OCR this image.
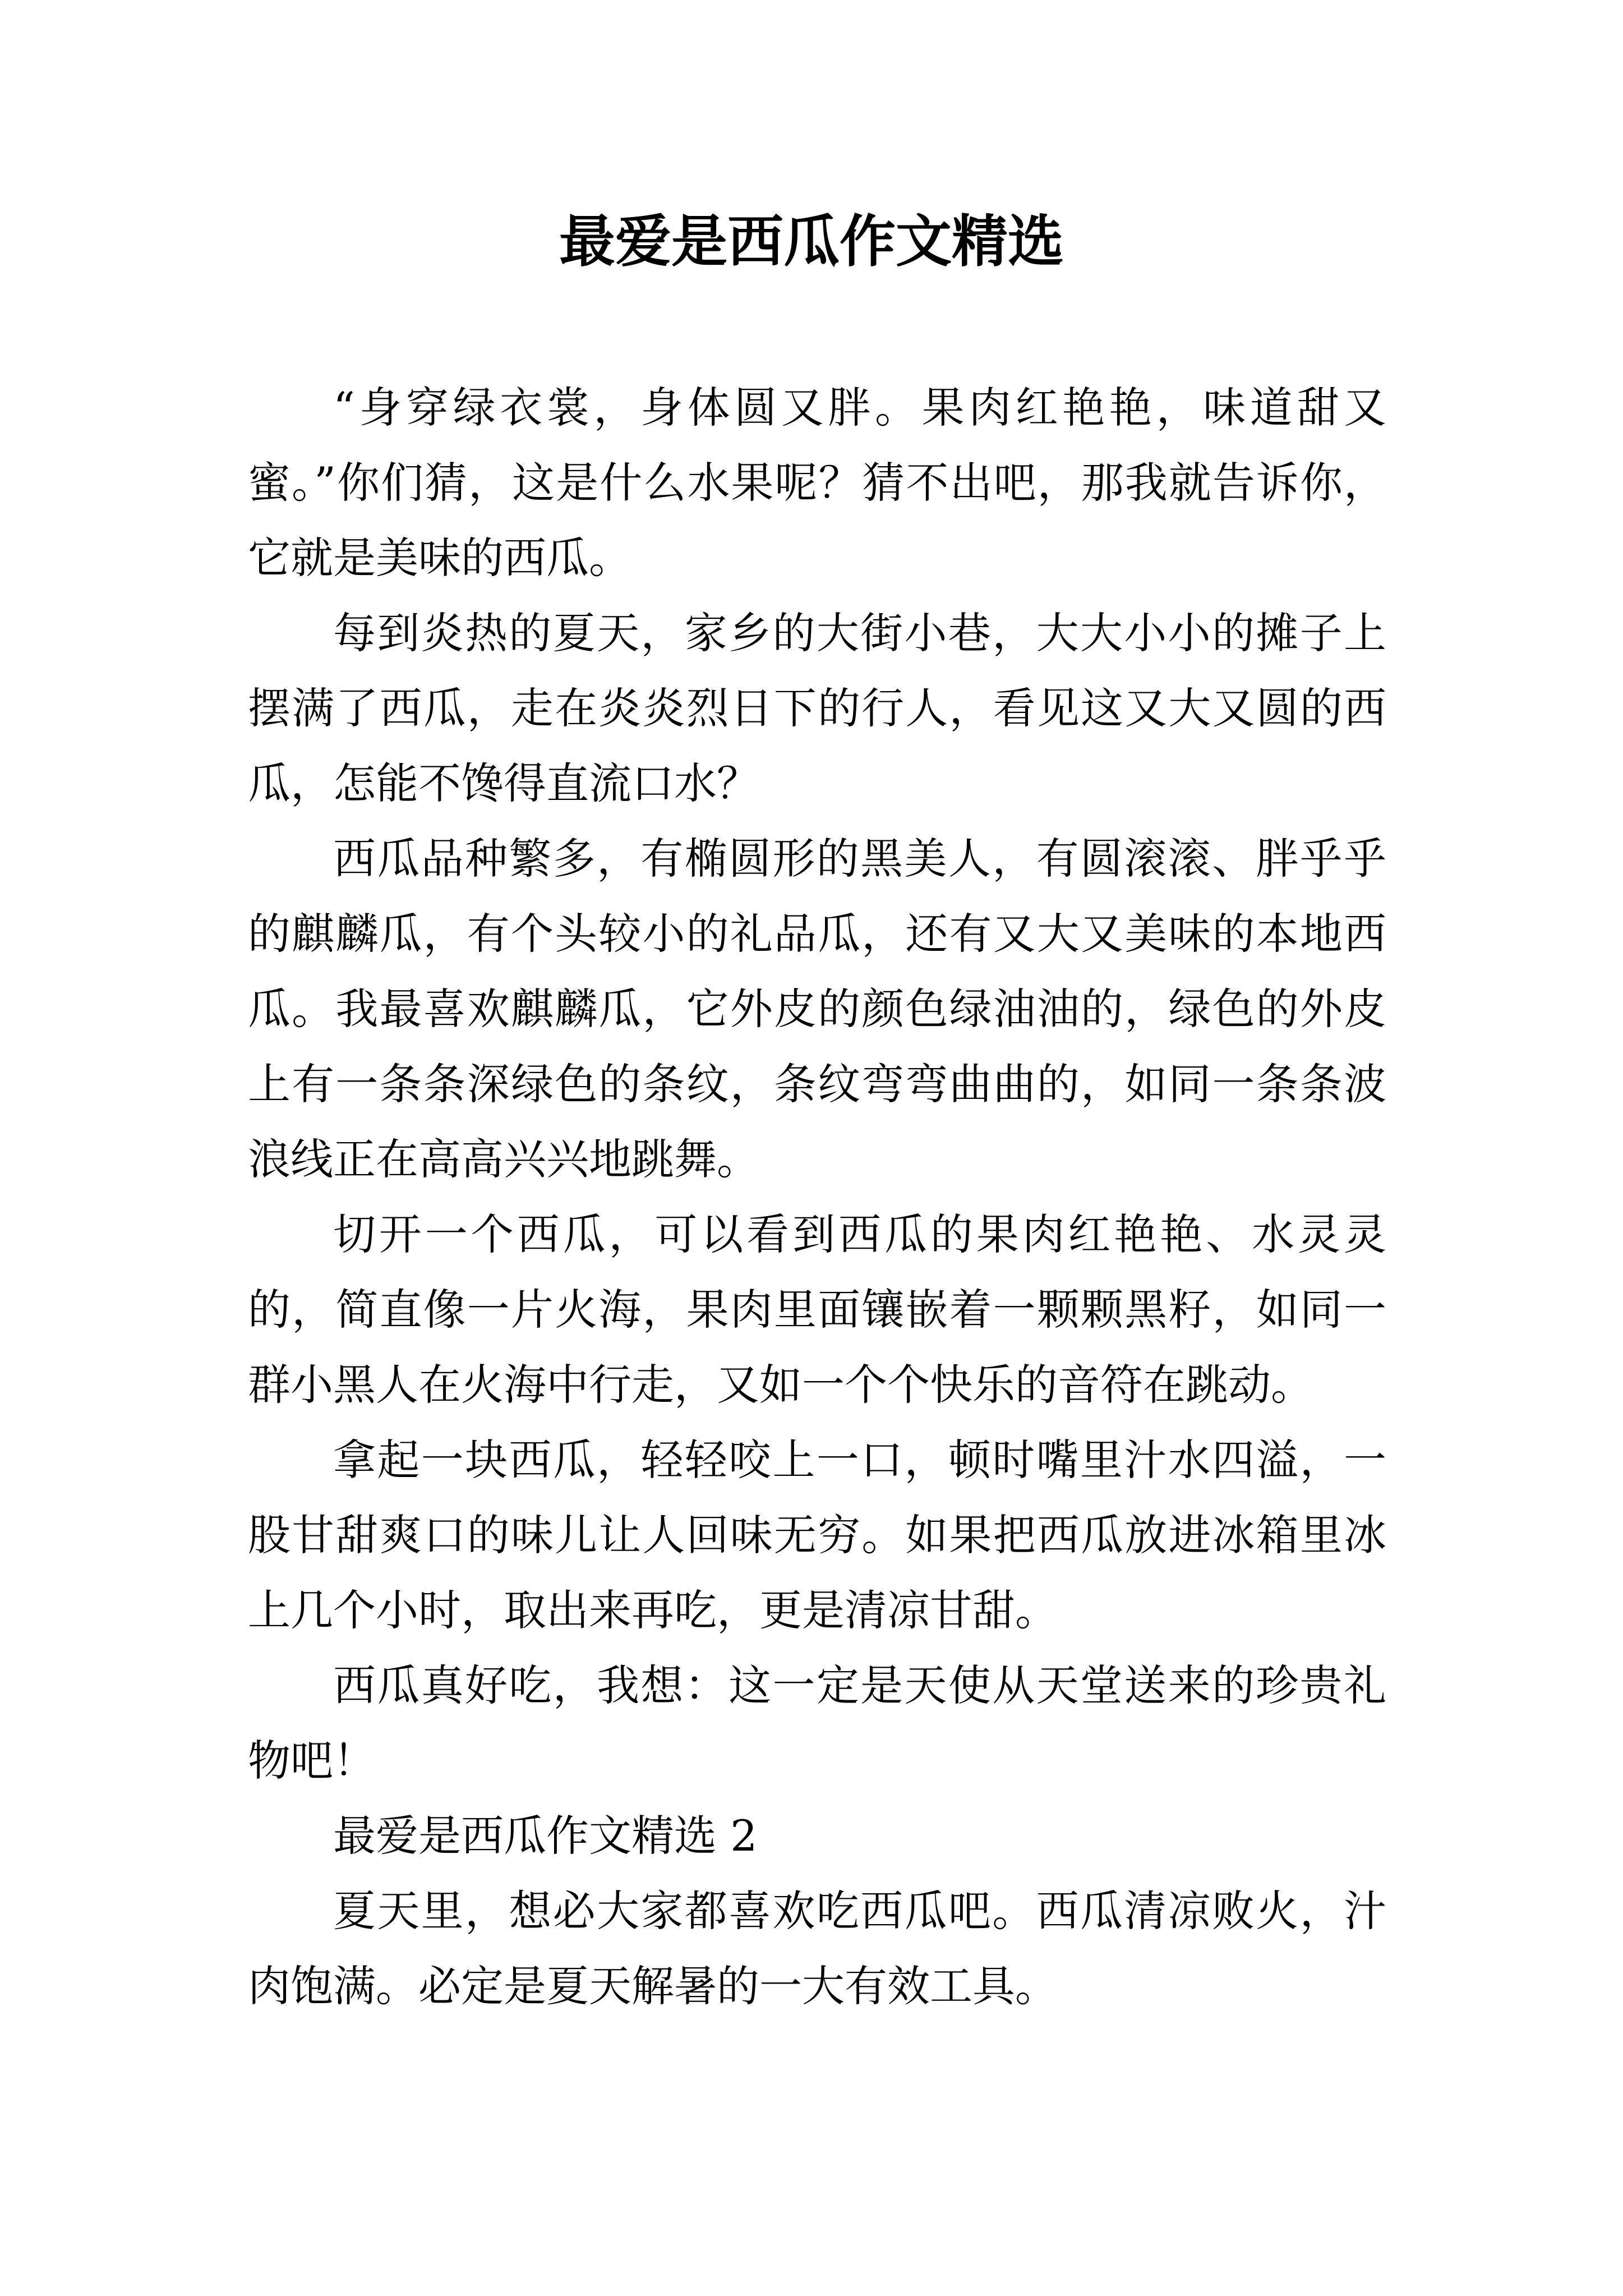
最爱是西瓜作文精选

“身穿绿衣裳，身体圆又胖。果肉红艳艳，味道甜又蜜。”你们猜，这是什么水果呢？猜不出吧，那我就告诉你，它就是美味的西瓜。

每到炎热的夏天，家乡的大街小巷，大大小小的摊子上摆满了西瓜，走在炎炎烈日下的行人，看见这又大又圆的西瓜，怎能不馋得直流口水？

西瓜品种繁多，有椭圆形的黑美人，有圆滚滚、胖乎乎的麒麟瓜，有个头较小的礼品瓜，还有又大又美味的本地西瓜。我最喜欢麒麟瓜，它外皮的颜色绿油油的，绿色的外皮上有一条条深绿色的条纹，条纹弯弯曲曲的，如同一条条波浪线正在高高兴兴地跳舞。

切开一个西瓜，可以看到西瓜的果肉红艳艳、水灵灵的，简直像一片火海，果肉里面镶嵌着一颗颗黑籽，如同一群小黑人在火海中行走，又如一个个快乐的音符在跳动。

拿起一块西瓜，轻轻咬上一口，顿时嘴里汁水四溢，一股甘甜爽口的味儿让人回味无穷。如果把西瓜放进冰箱里冰上几个小时，取出来再吃，更是清凉甘甜。

西瓜真好吃，我想：这一定是天使从天堂送来的珍贵礼物吧！

最爱是西瓜作文精选 2

夏天里，想必大家都喜欢吃西瓜吧。西瓜清凉败火，汁肉饱满。必定是夏天解暑的一大有效工具。
